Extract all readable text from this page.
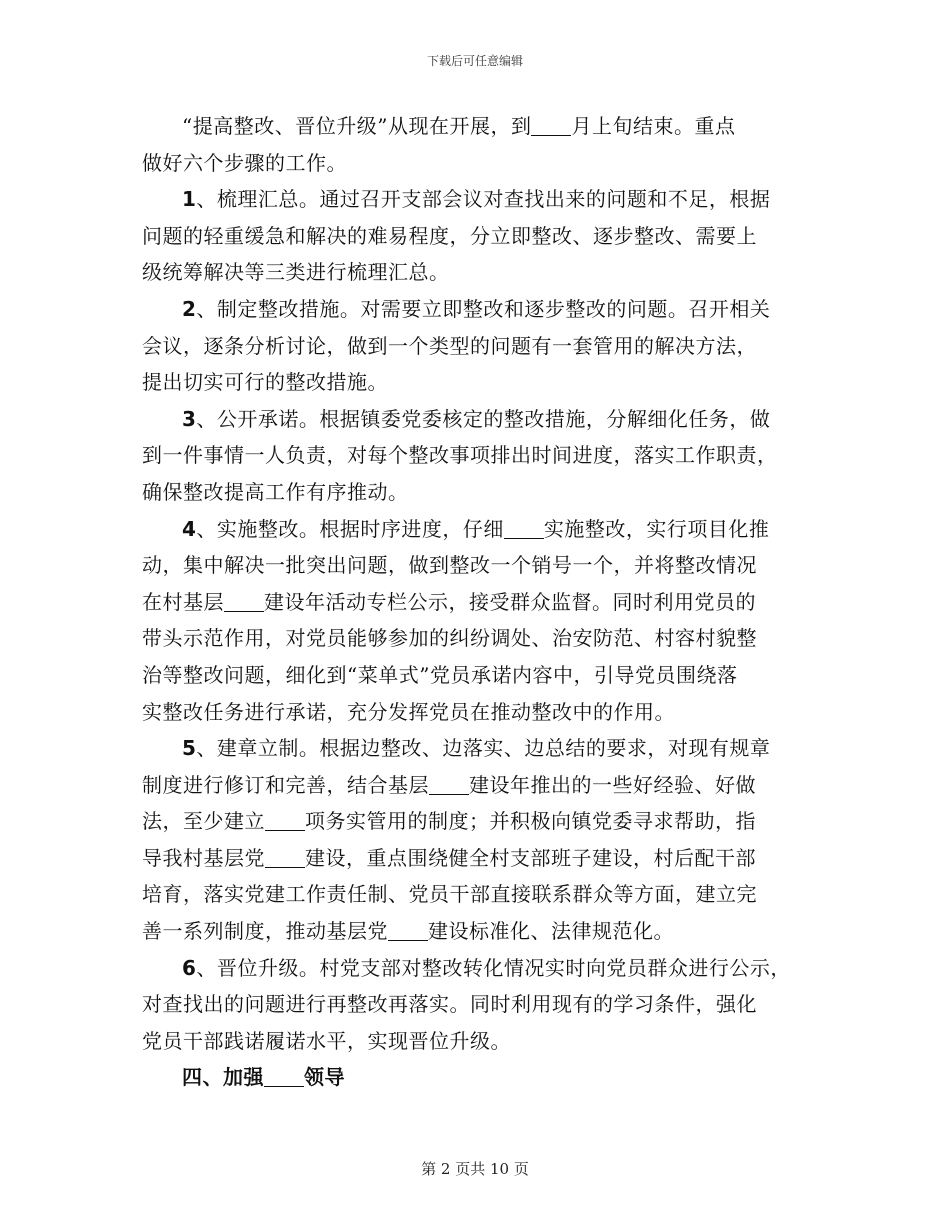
下载后可任意编辑
“提高整改、晋位升级”从现在开展，到 月上旬结束。重点
做好六个步骤的工作。
1、梳理汇总。通过召开支部会议对查找出来的问题和不足，根据
问题的轻重缓急和解决的难易程度，分立即整改、逐步整改、需要上
级统筹解决等三类进行梳理汇总。
2、制定整改措施。对需要立即整改和逐步整改的问题。召开相关
会议，逐条分析讨论，做到一个类型的问题有一套管用的解决方法，
提出切实可行的整改措施。
3、公开承诺。根据镇委党委核定的整改措施，分解细化任务，做
到一件事情一人负责，对每个整改事项排出时间进度，落实工作职责，
确保整改提高工作有序推动。
4、实施整改。根据时序进度，仔细 实施整改，实行项目化推
动，集中解决一批突出问题，做到整改一个销号一个，并将整改情况
在村基层 建设年活动专栏公示，接受群众监督。同时利用党员的
带头示范作用，对党员能够参加的纠纷调处、治安防范、村容村貌整
治等整改问题，细化到“菜单式”党员承诺内容中，引导党员围绕落
实整改任务进行承诺，充分发挥党员在推动整改中的作用。
5、建章立制。根据边整改、边落实、边总结的要求，对现有规章
制度进行修订和完善，结合基层 建设年推出的一些好经验、好做
法，至少建立 项务实管用的制度；并积极向镇党委寻求帮助，指
导我村基层党 建设，重点围绕健全村支部班子建设，村后配干部
培育，落实党建工作责任制、党员干部直接联系群众等方面，建立完
善一系列制度，推动基层党 建设标准化、法律规范化。
6、晋位升级。村党支部对整改转化情况实时向党员群众进行公示，
对查找出的问题进行再整改再落实。同时利用现有的学习条件，强化
党员干部践诺履诺水平，实现晋位升级。
四、加强 领导
第 2 页共 10 页
